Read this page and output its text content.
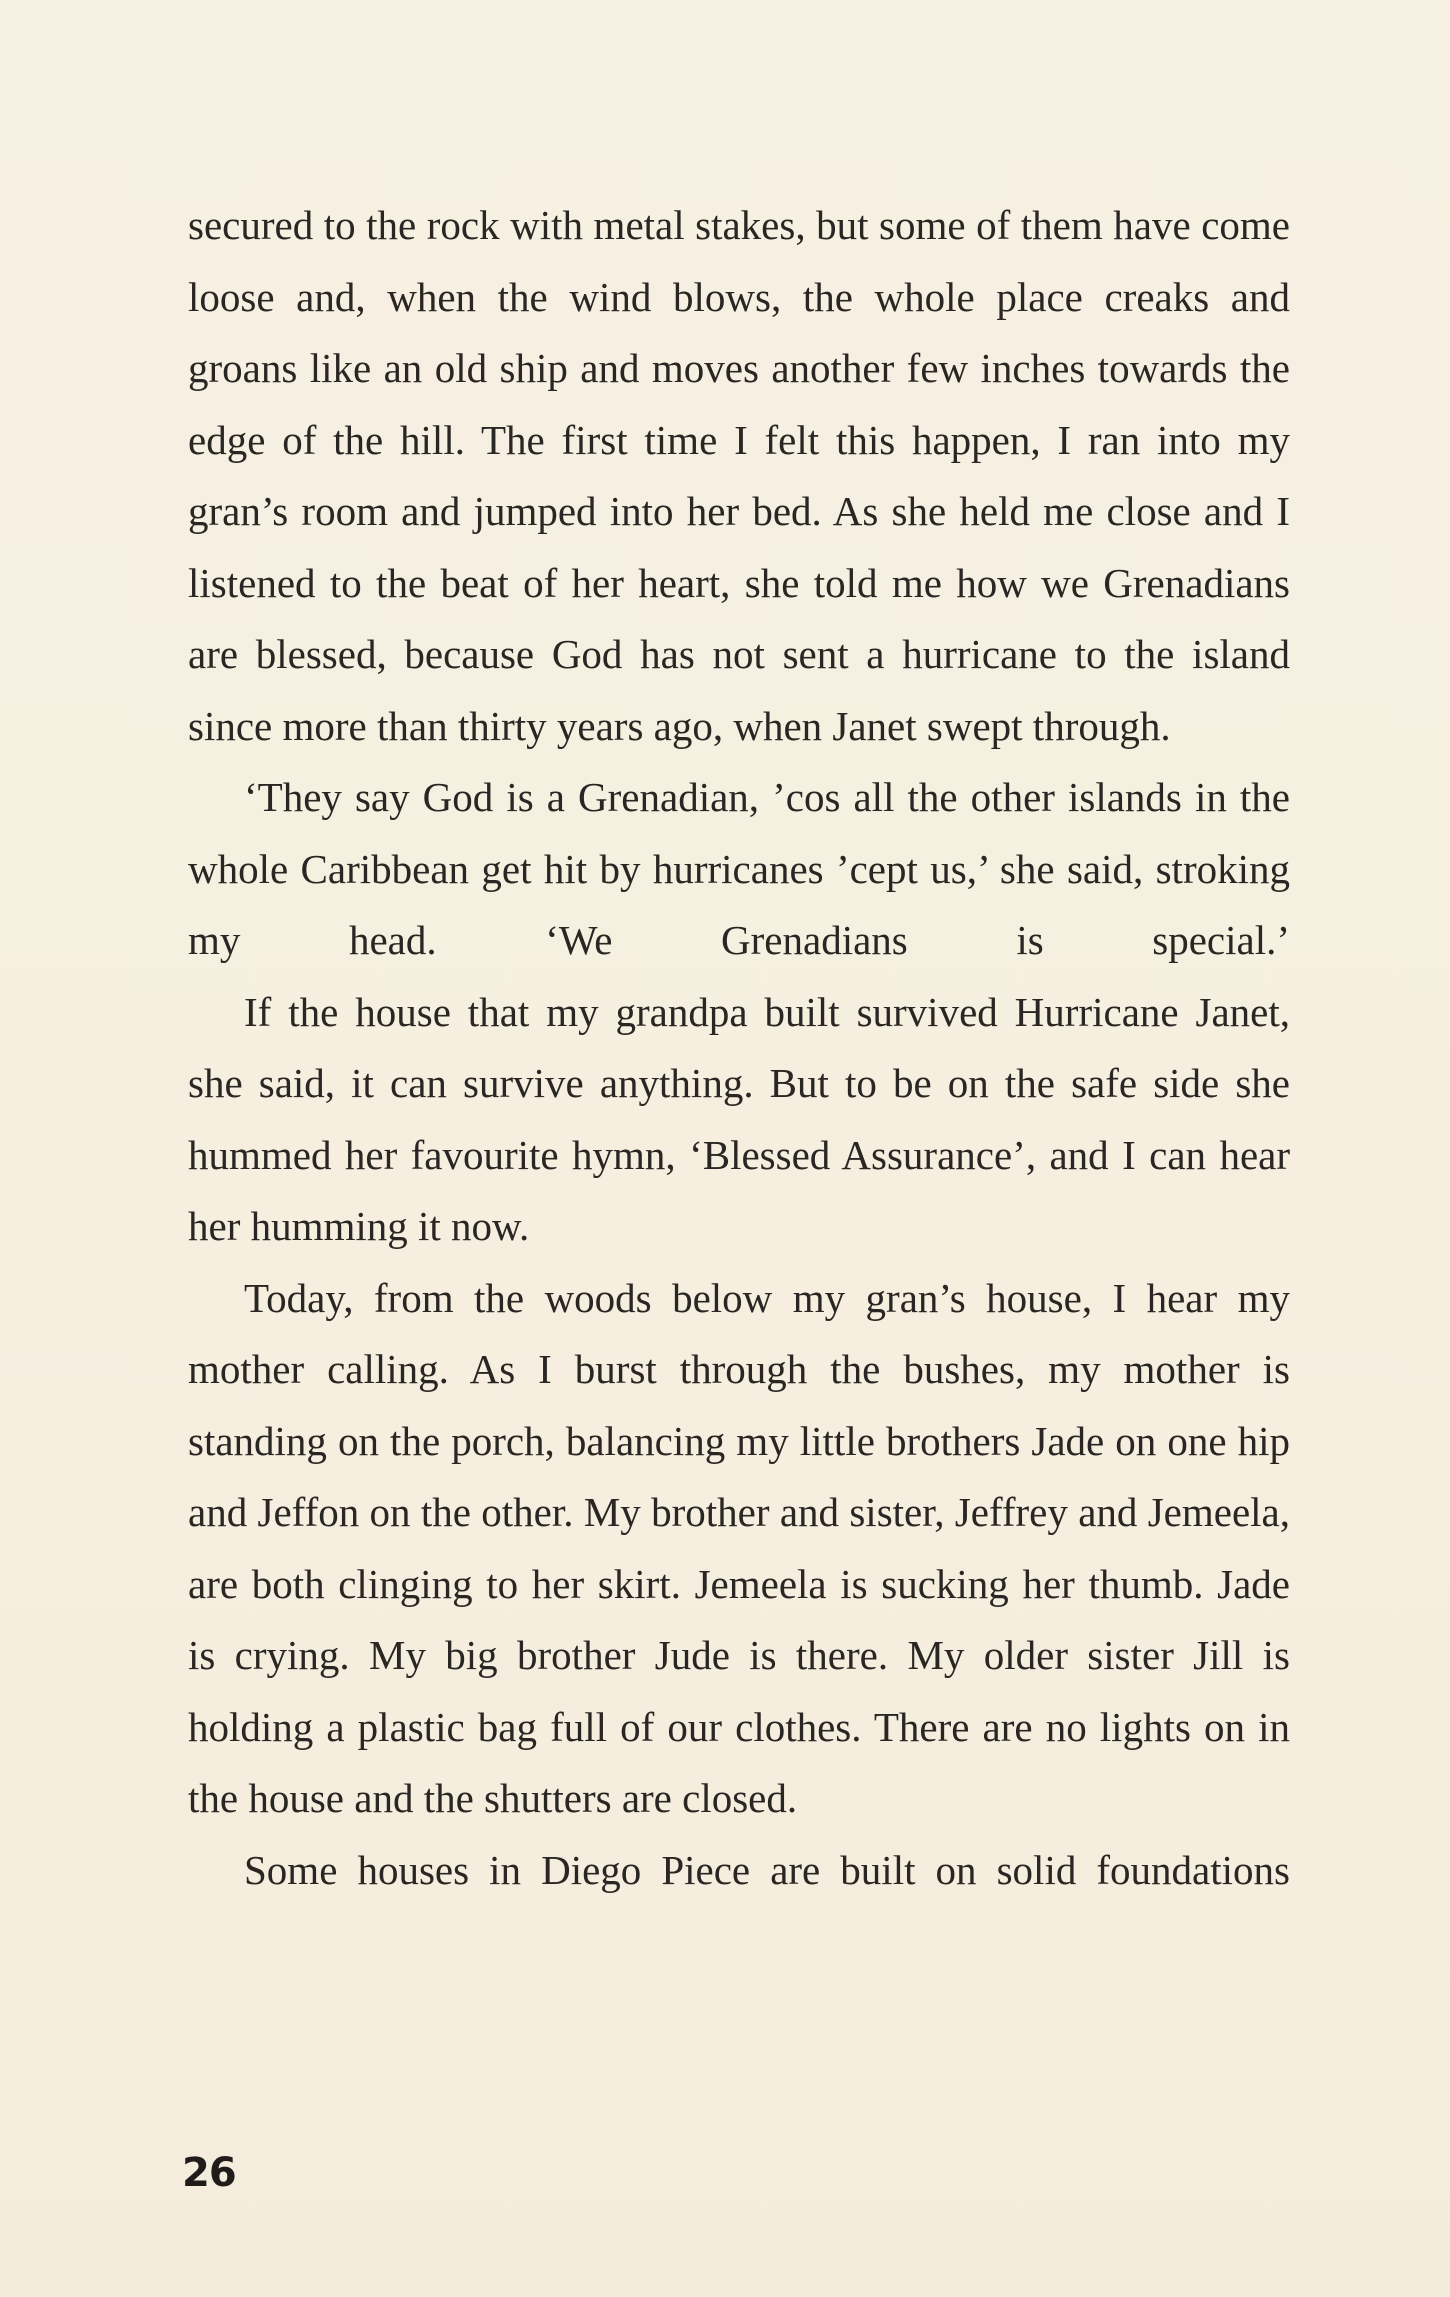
secured to the rock with metal stakes, but some of them have come loose and, when the wind blows, the whole place creaks and groans like an old ship and moves another few inches towards the edge of the hill. The first time I felt this happen, I ran into my gran’s room and jumped into her bed. As she held me close and I listened to the beat of her heart, she told me how we Grenadians are blessed, because God has not sent a hurricane to the island since more than thirty years ago, when Janet swept through.

‘They say God is a Grenadian, ’cos all the other islands in the whole Caribbean get hit by hurricanes ’cept us,’ she said, stroking my head. ‘We Grenadians is special.’

If the house that my grandpa built survived Hurricane Janet, she said, it can survive anything. But to be on the safe side she hummed her favourite hymn, ‘Blessed Assurance’, and I can hear her humming it now.

Today, from the woods below my gran’s house, I hear my mother calling. As I burst through the bushes, my mother is standing on the porch, balancing my little brothers Jade on one hip and Jeffon on the other. My brother and sister, Jeffrey and Jemeela, are both clinging to her skirt. Jemeela is sucking her thumb. Jade is crying. My big brother Jude is there. My older sister Jill is holding a plastic bag full of our clothes. There are no lights on in the house and the shutters are closed.

Some houses in Diego Piece are built on solid foundations

26
